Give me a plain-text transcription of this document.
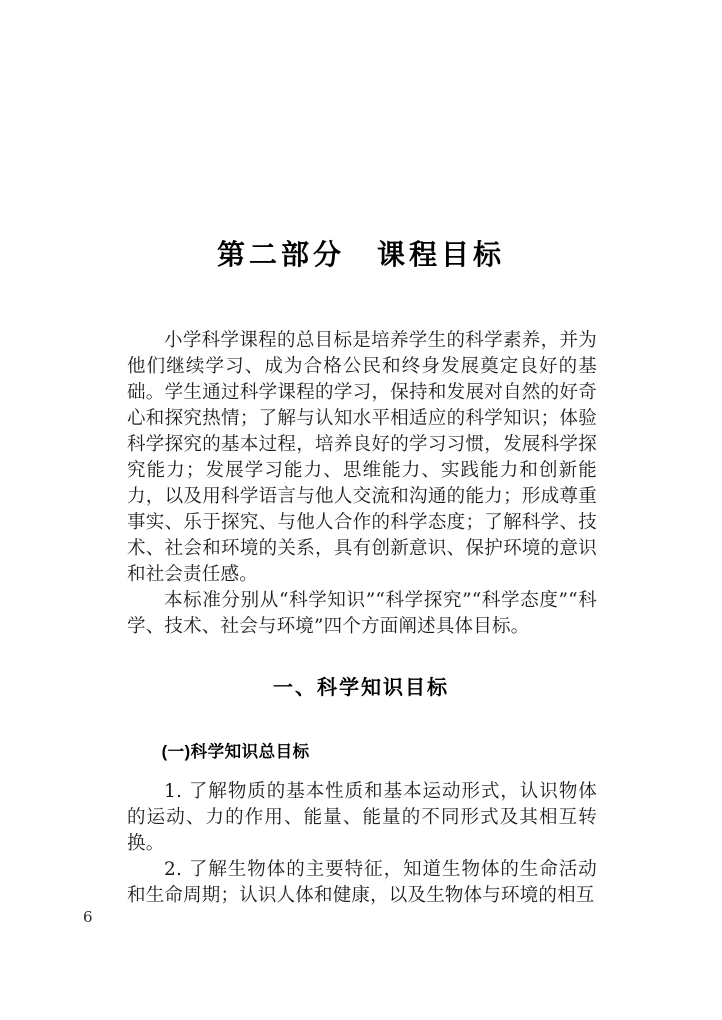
第二部分　课程目标

小学科学课程的总目标是培养学生的科学素养，并为他们继续学习、成为合格公民和终身发展奠定良好的基础。学生通过科学课程的学习，保持和发展对自然的好奇心和探究热情；了解与认知水平相适应的科学知识；体验科学探究的基本过程，培养良好的学习习惯，发展科学探究能力；发展学习能力、思维能力、实践能力和创新能力，以及用科学语言与他人交流和沟通的能力；形成尊重事实、乐于探究、与他人合作的科学态度；了解科学、技术、社会和环境的关系，具有创新意识、保护环境的意识和社会责任感。

本标准分别从“科学知识”“科学探究”“科学态度”“科学、技术、社会与环境”四个方面阐述具体目标。

一、科学知识目标
(一)科学知识总目标

1. 了解物质的基本性质和基本运动形式，认识物体的运动、力的作用、能量、能量的不同形式及其相互转换。

2. 了解生物体的主要特征，知道生物体的生命活动和生命周期；认识人体和健康，以及生物体与环境的相互

6
